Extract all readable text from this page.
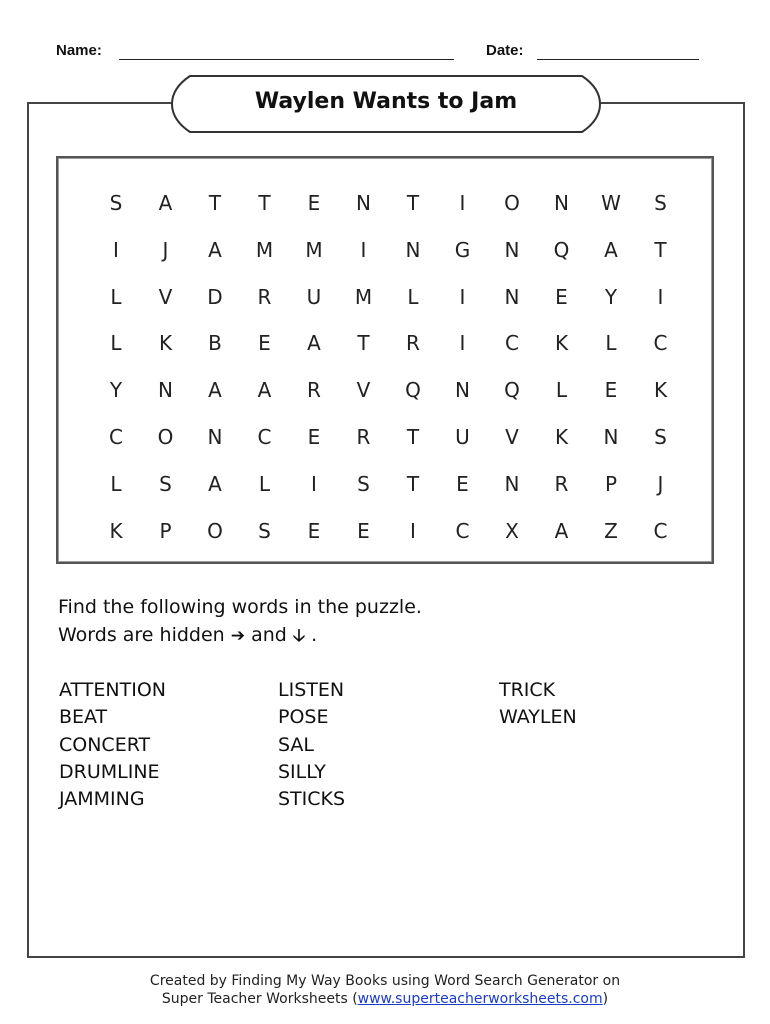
Name:	Date:
Waylen Wants to Jam
S	A	T	T	E	N	T	I	O	N	W	S
I	J	A	M	M	I	N	G	N	Q	A	T
L	V	D	R	U	M	L	I	N	E	Y	I
L	K	B	E	A	T	R	I	C	K	L	C
Y	N	A	A	R	V	Q	N	Q	L	E	K
C	O	N	C	E	R	T	U	V	K	N	S
L	S	A	L	I	S	T	E	N	R	P	J
K	P	O	S	E	E	I	C	X	A	Z	C
Find the following words in the puzzle.
Words are hidden ➔ and 🡣 .
ATTENTION
BEAT
CONCERT
DRUMLINE
JAMMING
LISTEN
POSE
SAL
SILLY
STICKS
TRICK
WAYLEN
Created by Finding My Way Books using Word Search Generator on
Super Teacher Worksheets (www.superteacherworksheets.com)
